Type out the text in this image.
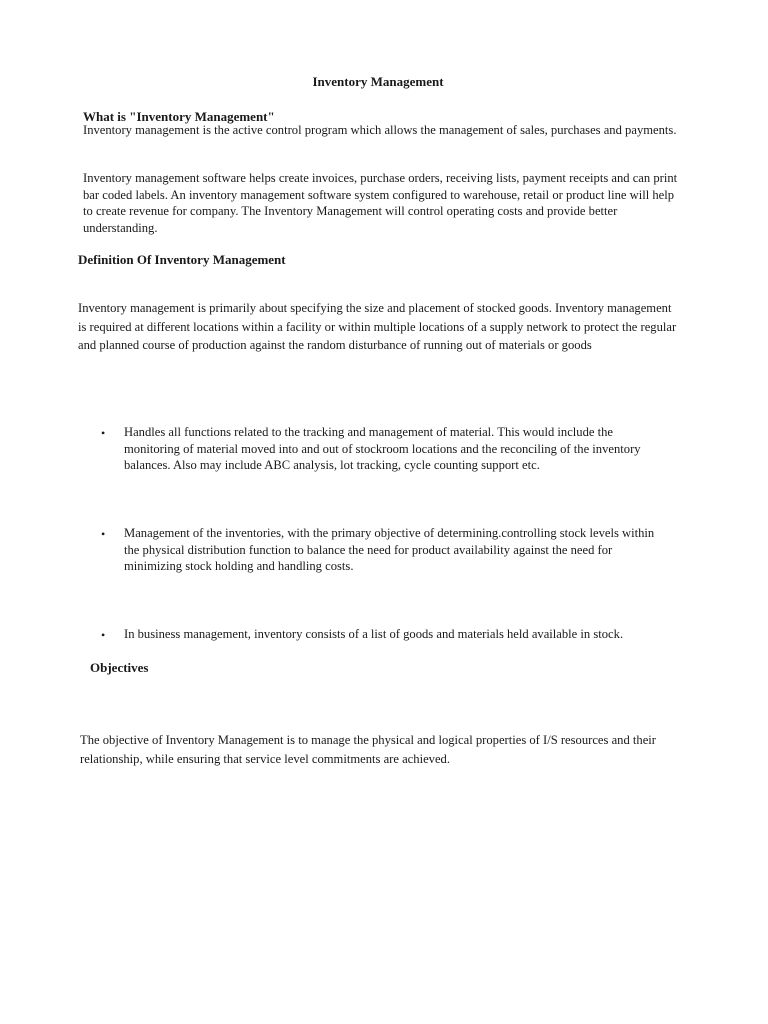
Inventory Management
What is "Inventory Management"

Inventory management is the active control program which allows the management of sales, purchases and payments.

Inventory management software helps create invoices, purchase orders, receiving lists, payment receipts and can print bar coded labels. An inventory management software system configured to warehouse, retail or product line will help to create revenue for company. The Inventory Management will control operating costs and provide better understanding.

Definition Of Inventory Management

Inventory management is primarily about specifying the size and placement of stocked goods. Inventory management is required at different locations within a facility or within multiple locations of a supply network to protect the regular and planned course of production against the random disturbance of running out of materials or goods

• Handles all functions related to the tracking and management of material. This would include the monitoring of material moved into and out of stockroom locations and the reconciling of the inventory balances. Also may include ABC analysis, lot tracking, cycle counting support etc.

• Management of the inventories, with the primary objective of determining.controlling stock levels within the physical distribution function to balance the need for product availability against the need for minimizing stock holding and handling costs.

• In business management, inventory consists of a list of goods and materials held available in stock.

Objectives

The objective of Inventory Management is to manage the physical and logical properties of I/S resources and their relationship, while ensuring that service level commitments are achieved.
